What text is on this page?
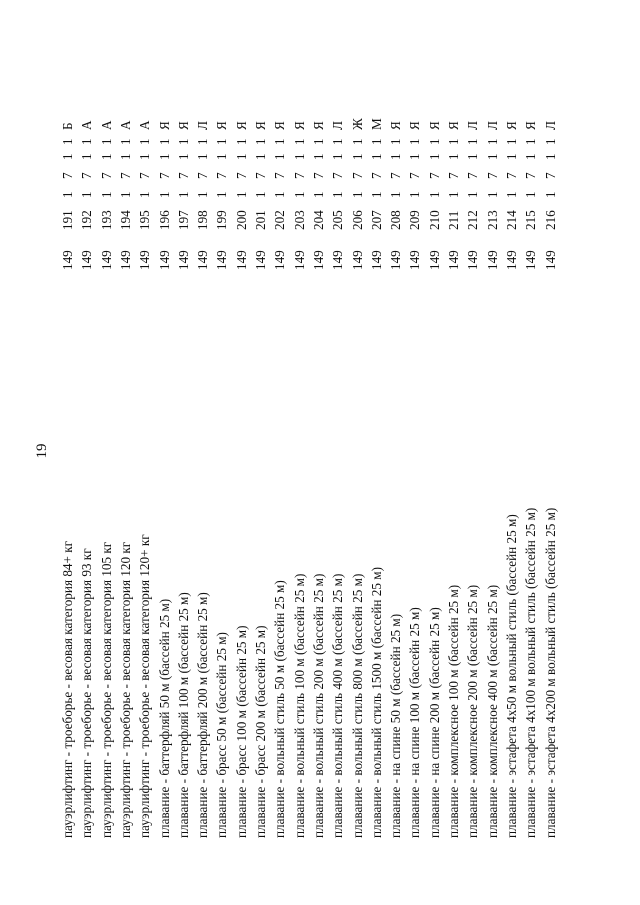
19
пауэрлифтинг - троеборье - весовая категория 84+ кг
149
191
1
7
1
1
Б
пауэрлифтинг - троеборье - весовая категория 93 кг
149
192
1
7
1
1
А
пауэрлифтинг - троеборье - весовая категория 105 кг
149
193
1
7
1
1
А
пауэрлифтинг - троеборье - весовая категория 120 кг
149
194
1
7
1
1
А
пауэрлифтинг - троеборье - весовая категория 120+ кг
149
195
1
7
1
1
А
плавание - баттерфляй 50 м (бассейн 25 м)
149
196
1
7
1
1
Я
плавание - баттерфляй 100 м (бассейн 25 м)
149
197
1
7
1
1
Я
плавание - баттерфляй 200 м (бассейн 25 м)
149
198
1
7
1
1
Л
плавание - брасс 50 м (бассейн 25 м)
149
199
1
7
1
1
Я
плавание - брасс 100 м (бассейн 25 м)
149
200
1
7
1
1
Я
плавание - брасс 200 м (бассейн 25 м)
149
201
1
7
1
1
Я
плавание - вольный стиль 50 м (бассейн 25 м)
149
202
1
7
1
1
Я
плавание - вольный стиль 100 м (бассейн 25 м)
149
203
1
7
1
1
Я
плавание - вольный стиль 200 м (бассейн 25 м)
149
204
1
7
1
1
Я
плавание - вольный стиль 400 м (бассейн 25 м)
149
205
1
7
1
1
Л
плавание - вольный стиль 800 м (бассейн 25 м)
149
206
1
7
1
1
Ж
плавание - вольный стиль 1500 м (бассейн 25 м)
149
207
1
7
1
1
М
плавание - на спине 50 м (бассейн 25 м)
149
208
1
7
1
1
Я
плавание - на спине 100 м (бассейн 25 м)
149
209
1
7
1
1
Я
плавание - на спине 200 м (бассейн 25 м)
149
210
1
7
1
1
Я
плавание - комплексное 100 м (бассейн 25 м)
149
211
1
7
1
1
Я
плавание - комплексное 200 м (бассейн 25 м)
149
212
1
7
1
1
Л
плавание - комплексное 400 м (бассейн 25 м)
149
213
1
7
1
1
Л
плавание - эстафета 4х50 м вольный стиль (бассейн 25 м)
149
214
1
7
1
1
Я
плавание - эстафета 4х100 м вольный стиль (бассейн 25 м)
149
215
1
7
1
1
Я
плавание - эстафета 4х200 м вольный стиль (бассейн 25 м)
149
216
1
7
1
1
Л
